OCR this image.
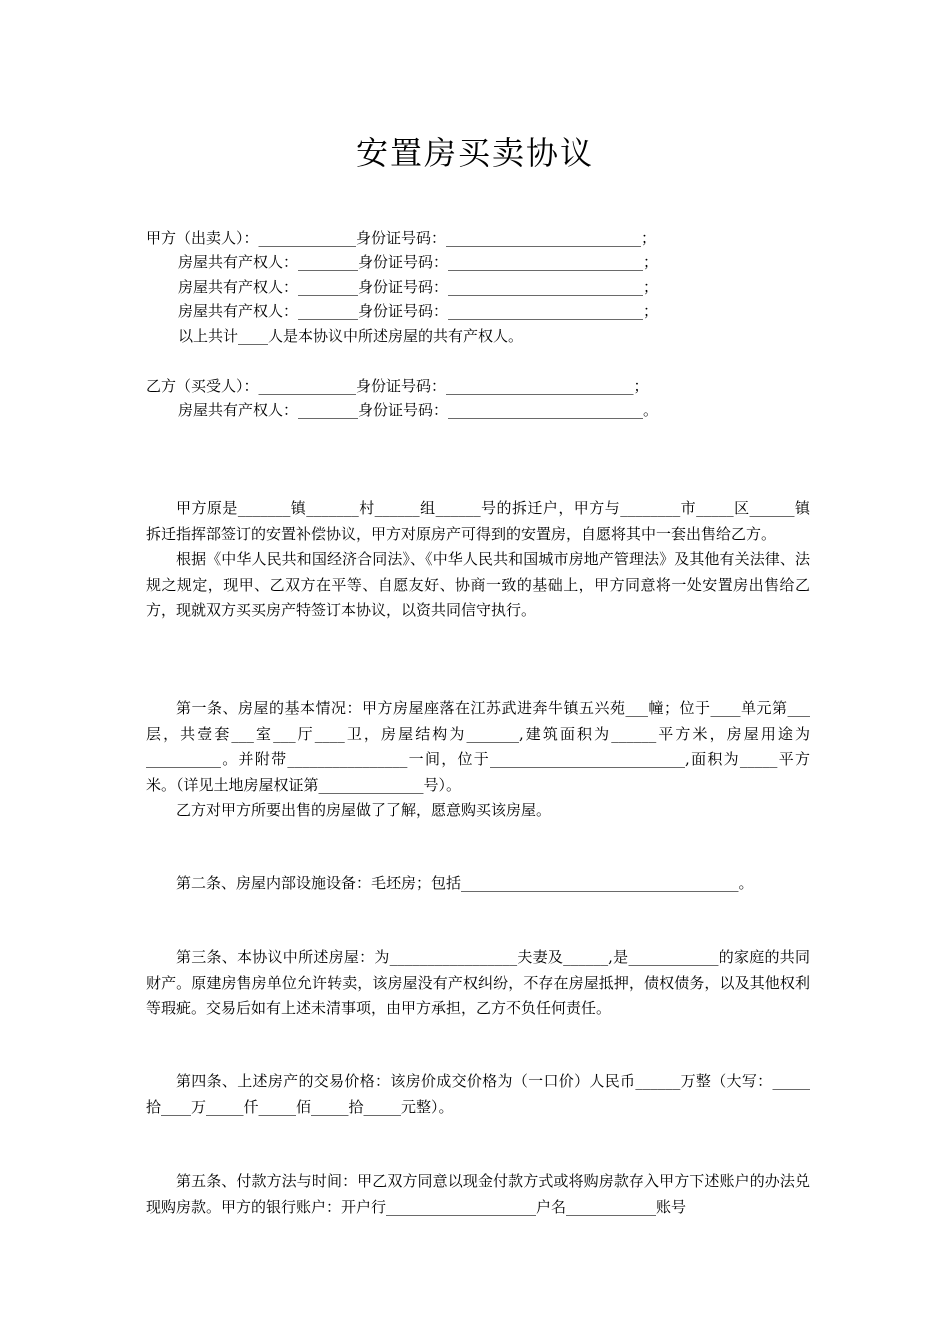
安置房买卖协议
甲方（出卖人）：_____________身份证号码：__________________________；
房屋共有产权人：________身份证号码：__________________________；
房屋共有产权人：________身份证号码：__________________________；
房屋共有产权人：________身份证号码：__________________________；
以上共计____人是本协议中所述房屋的共有产权人。
乙方（买受人）：_____________身份证号码：_________________________；
房屋共有产权人：________身份证号码：__________________________。

甲方原是_______镇_______村______组______号的拆迁户，甲方与________市_____区______镇拆迁指挥部签订的安置补偿协议，甲方对原房产可得到的安置房，自愿将其中一套出售给乙方。

根据《中华人民共和国经济合同法》、《中华人民共和国城市房地产管理法》及其他有关法律、法规之规定，现甲、乙双方在平等、自愿友好、协商一致的基础上，甲方同意将一处安置房出售给乙方，现就双方买买房产特签订本协议，以资共同信守执行。

第一条、房屋的基本情况：甲方房屋座落在江苏武进奔牛镇五兴苑___幢；位于____单元第___层，共壹套___室___厅____卫，房屋结构为_______,建筑面积为______平方米，房屋用途为__________。并附带________________一间，位于__________________________,面积为_____平方米。（详见土地房屋权证第______________号）。

乙方对甲方所要出售的房屋做了了解，愿意购买该房屋。

第二条、房屋内部设施设备：毛坯房；包括_____________________________________。

第三条、本协议中所述房屋：为_________________夫妻及______,是____________的家庭的共同财产。原建房售房单位允许转卖，该房屋没有产权纠纷，不存在房屋抵押，债权债务，以及其他权利等瑕疵。交易后如有上述未清事项，由甲方承担，乙方不负任何责任。

第四条、上述房产的交易价格：该房价成交价格为（一口价）人民币______万整（大写：_____拾____万_____仟_____佰_____拾_____元整）。

第五条、付款方法与时间：甲乙双方同意以现金付款方式或将购房款存入甲方下述账户的办法兑现购房款。甲方的银行账户：开户行____________________户名____________账号
